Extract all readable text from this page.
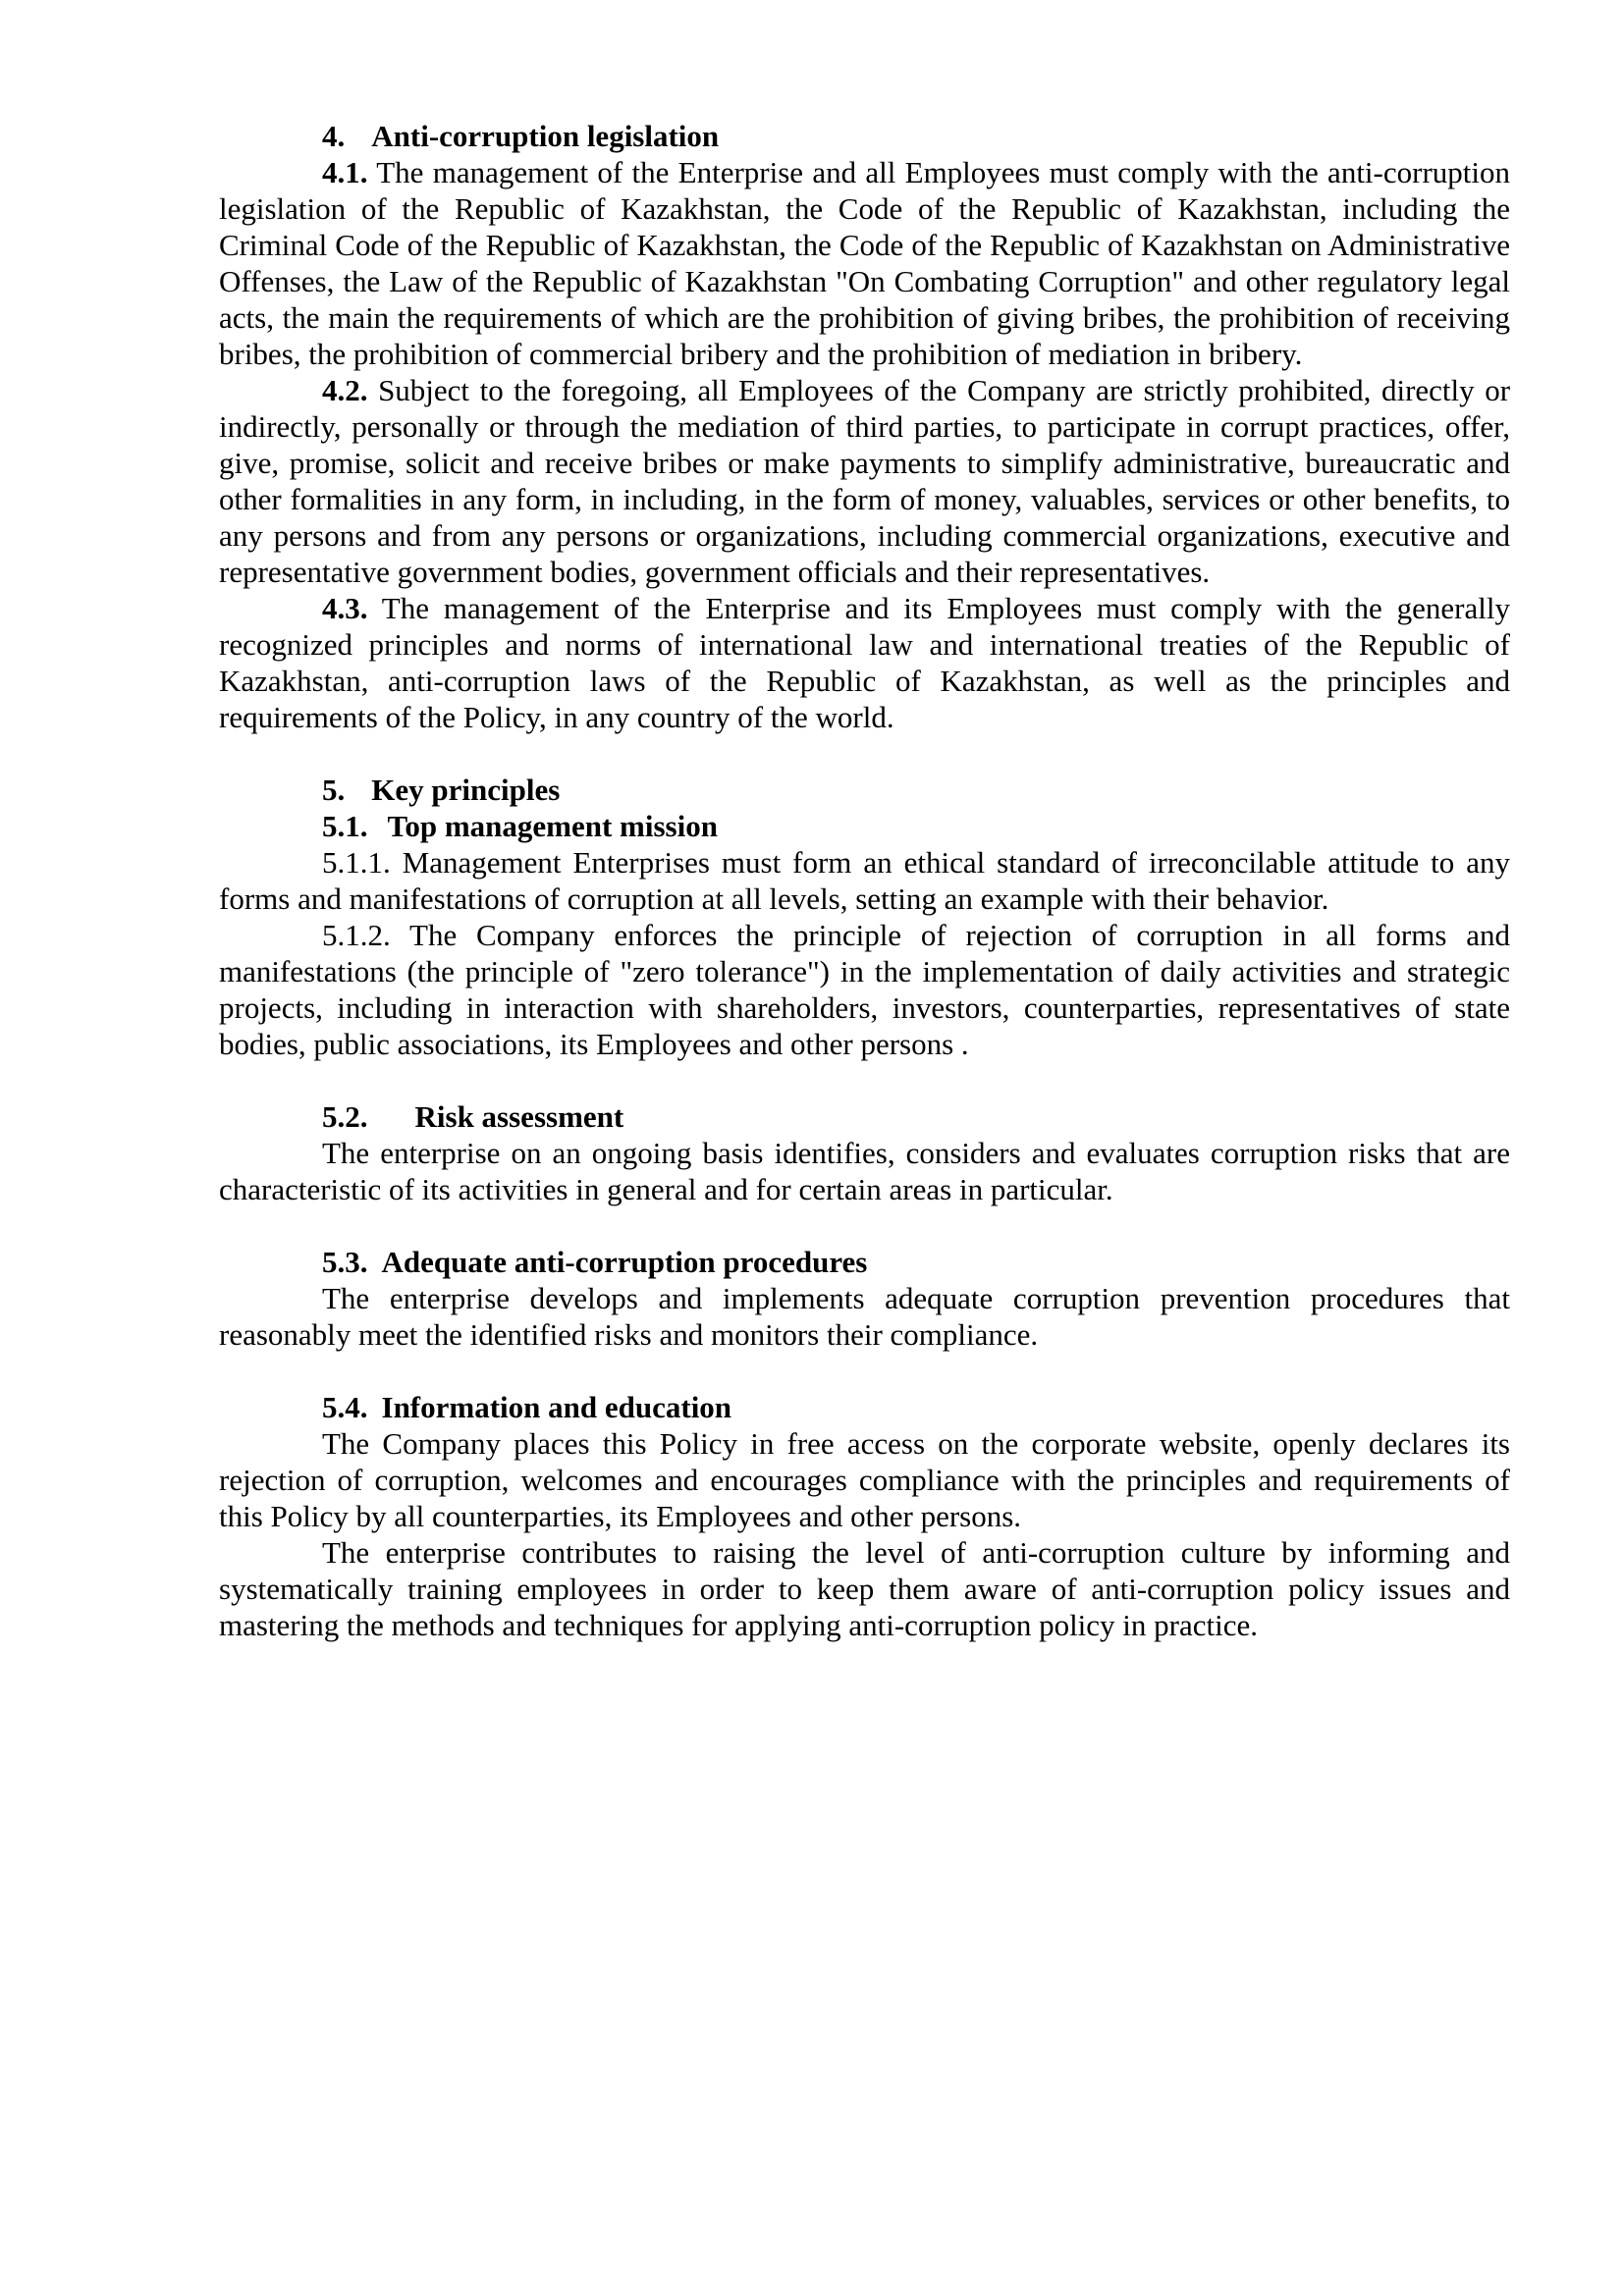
4. Anti-corruption legislation

4.1. The management of the Enterprise and all Employees must comply with the anti-corruption legislation of the Republic of Kazakhstan, the Code of the Republic of Kazakhstan, including the Criminal Code of the Republic of Kazakhstan, the Code of the Republic of Kazakhstan on Administrative Offenses, the Law of the Republic of Kazakhstan "On Combating Corruption" and other regulatory legal acts, the main the requirements of which are the prohibition of giving bribes, the prohibition of receiving bribes, the prohibition of commercial bribery and the prohibition of mediation in bribery.

4.2. Subject to the foregoing, all Employees of the Company are strictly prohibited, directly or indirectly, personally or through the mediation of third parties, to participate in corrupt practices, offer, give, promise, solicit and receive bribes or make payments to simplify administrative, bureaucratic and other formalities in any form, in including, in the form of money, valuables, services or other benefits, to any persons and from any persons or organizations, including commercial organizations, executive and representative government bodies, government officials and their representatives.

4.3. The management of the Enterprise and its Employees must comply with the generally recognized principles and norms of international law and international treaties of the Republic of Kazakhstan, anti-corruption laws of the Republic of Kazakhstan, as well as the principles and requirements of the Policy, in any country of the world.

5. Key principles
5.1. Top management mission

5.1.1. Management Enterprises must form an ethical standard of irreconcilable attitude to any forms and manifestations of corruption at all levels, setting an example with their behavior.

5.1.2. The Company enforces the principle of rejection of corruption in all forms and manifestations (the principle of "zero tolerance") in the implementation of daily activities and strategic projects, including in interaction with shareholders, investors, counterparties, representatives of state bodies, public associations, its Employees and other persons .

5.2. Risk assessment

The enterprise on an ongoing basis identifies, considers and evaluates corruption risks that are characteristic of its activities in general and for certain areas in particular.

5.3. Adequate anti-corruption procedures

The enterprise develops and implements adequate corruption prevention procedures that reasonably meet the identified risks and monitors their compliance.

5.4. Information and education

The Company places this Policy in free access on the corporate website, openly declares its rejection of corruption, welcomes and encourages compliance with the principles and requirements of this Policy by all counterparties, its Employees and other persons.

The enterprise contributes to raising the level of anti-corruption culture by informing and systematically training employees in order to keep them aware of anti-corruption policy issues and mastering the methods and techniques for applying anti-corruption policy in practice.
